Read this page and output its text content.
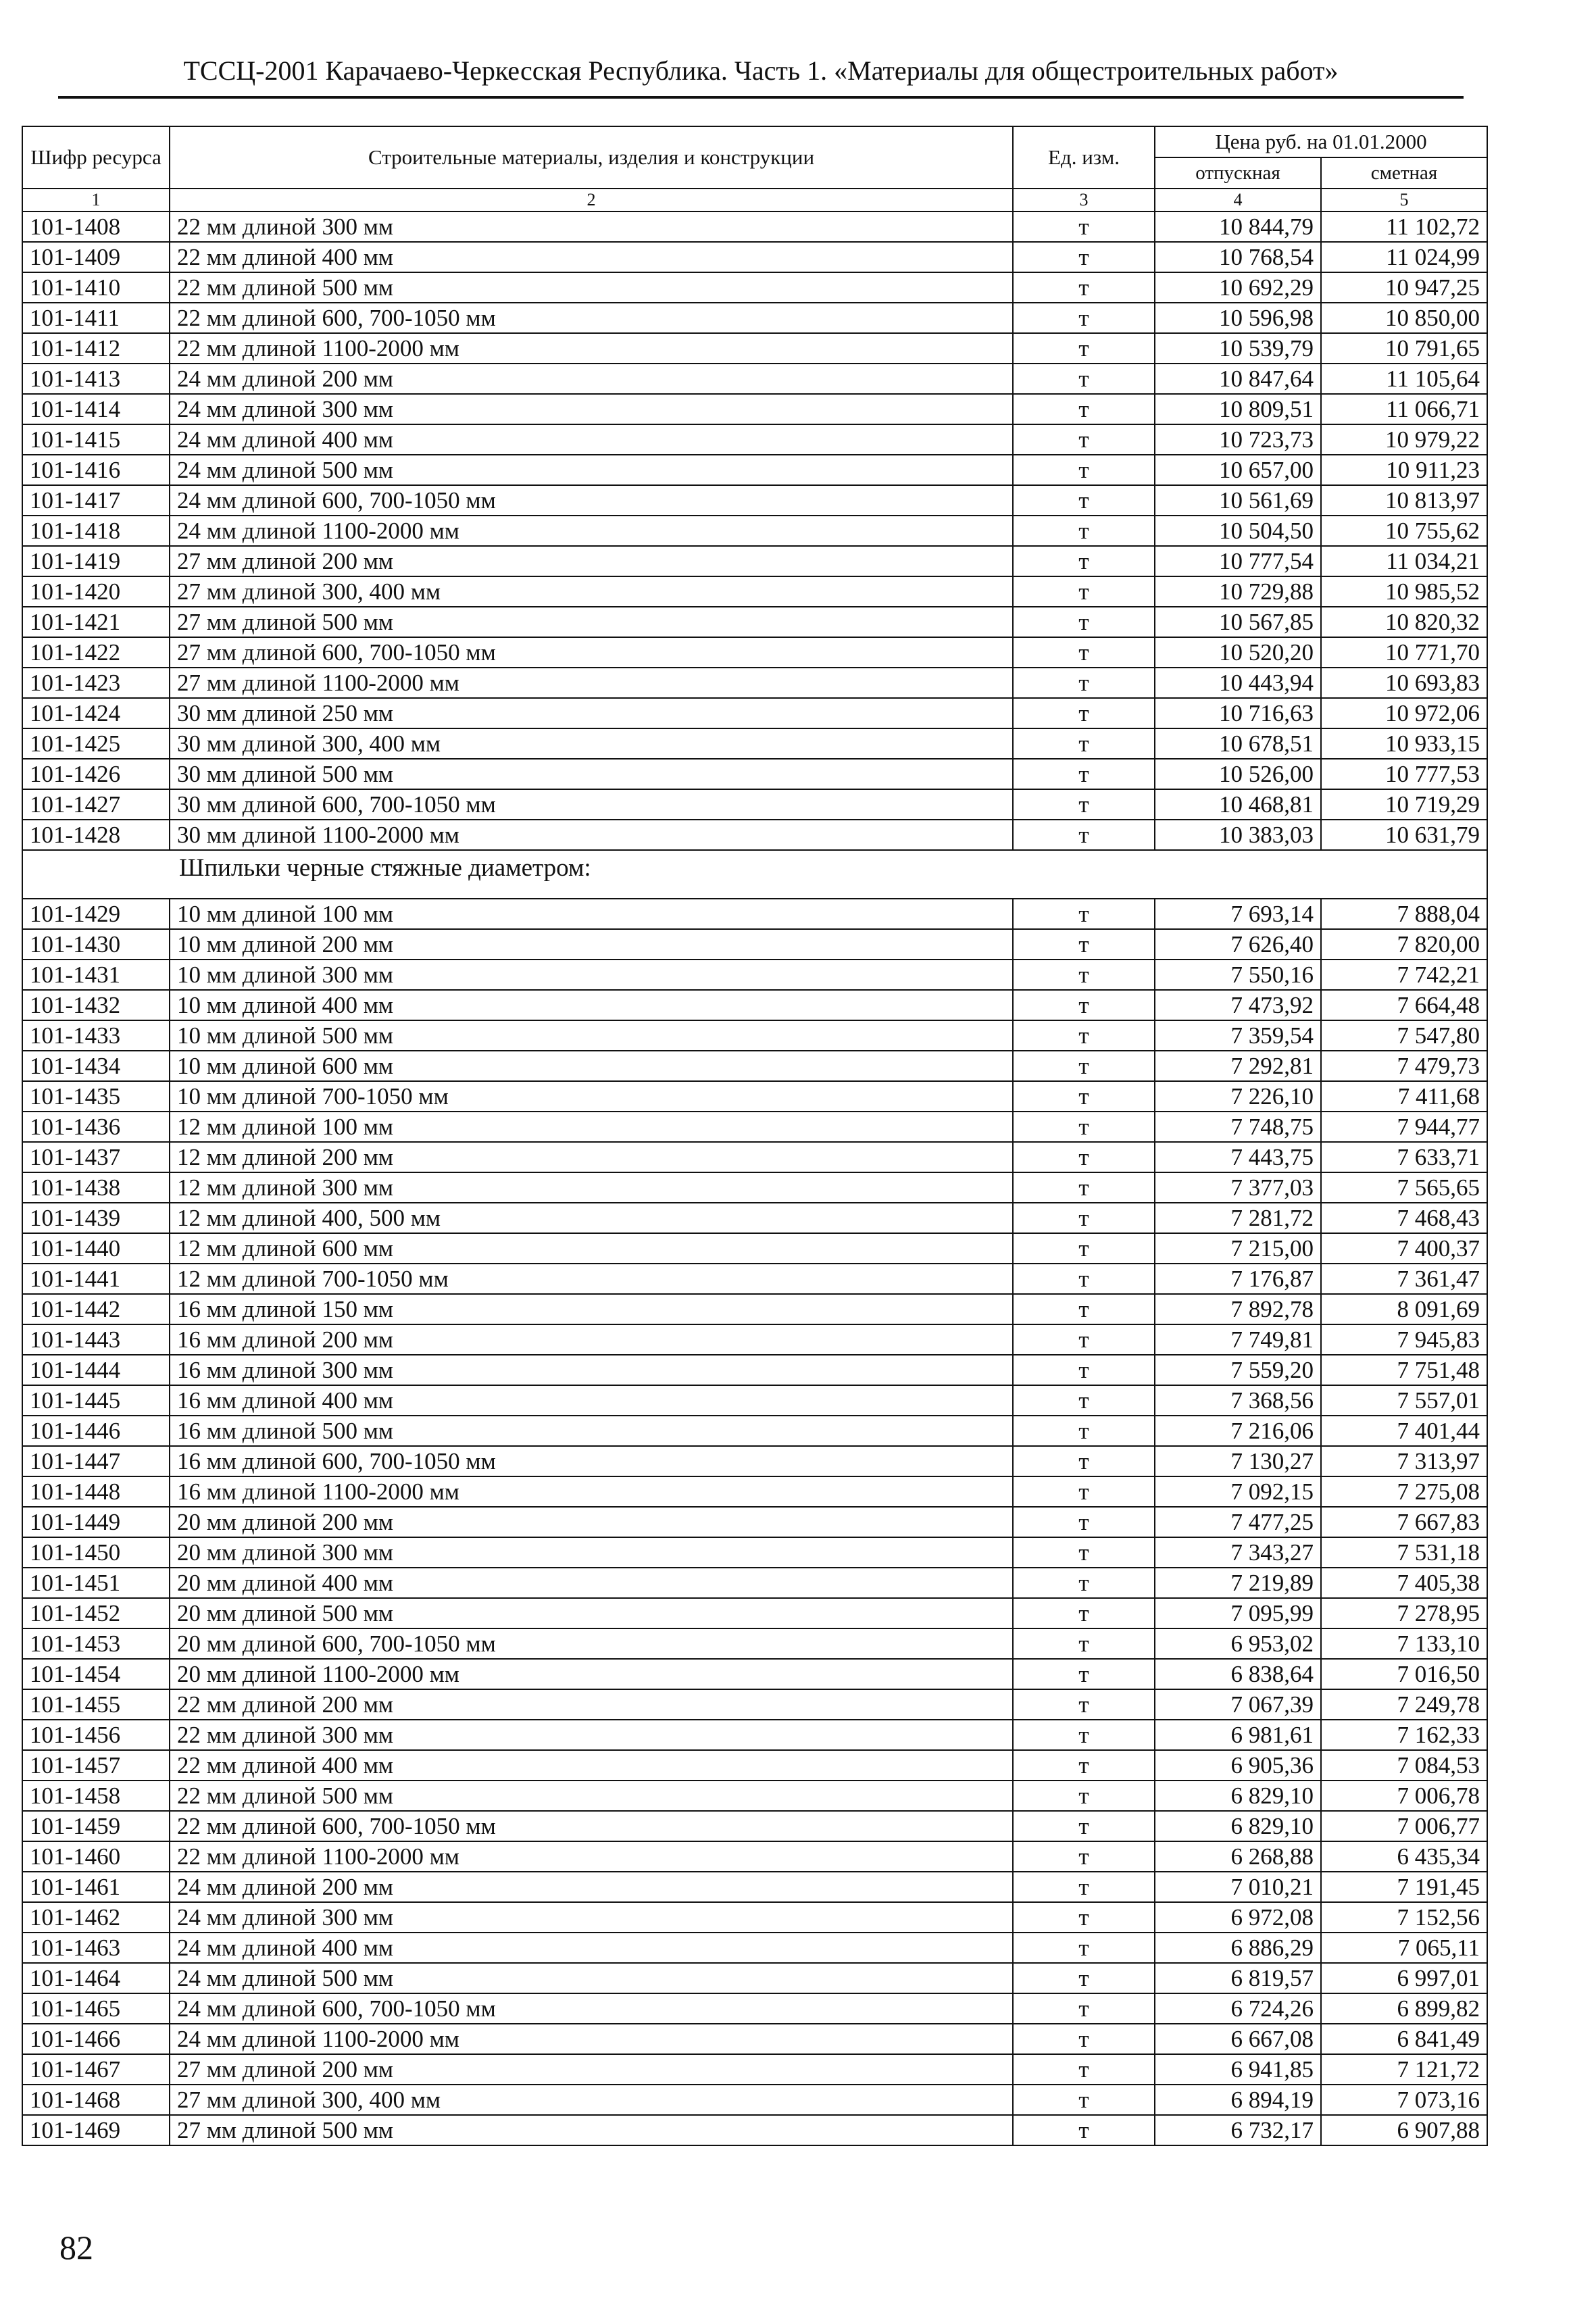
ТССЦ-2001 Карачаево-Черкесская Республика. Часть 1. «Материалы для общестроительных работ»
Шифр ресурса	Строительные материалы, изделия и конструкции	Ед. изм.	Цена руб. на 01.01.2000	
			отпускная	сметная
1	2	3	4	5
101-1408	22 мм длиной 300 мм	т	10 844,79	11 102,72
101-1409	22 мм длиной 400 мм	т	10 768,54	11 024,99
101-1410	22 мм длиной 500 мм	т	10 692,29	10 947,25
101-1411	22 мм длиной 600, 700-1050 мм	т	10 596,98	10 850,00
101-1412	22 мм длиной 1100-2000 мм	т	10 539,79	10 791,65
101-1413	24 мм длиной 200 мм	т	10 847,64	11 105,64
101-1414	24 мм длиной 300 мм	т	10 809,51	11 066,71
101-1415	24 мм длиной 400 мм	т	10 723,73	10 979,22
101-1416	24 мм длиной 500 мм	т	10 657,00	10 911,23
101-1417	24 мм длиной 600, 700-1050 мм	т	10 561,69	10 813,97
101-1418	24 мм длиной 1100-2000 мм	т	10 504,50	10 755,62
101-1419	27 мм длиной 200 мм	т	10 777,54	11 034,21
101-1420	27 мм длиной 300, 400 мм	т	10 729,88	10 985,52
101-1421	27 мм длиной 500 мм	т	10 567,85	10 820,32
101-1422	27 мм длиной 600, 700-1050 мм	т	10 520,20	10 771,70
101-1423	27 мм длиной 1100-2000 мм	т	10 443,94	10 693,83
101-1424	30 мм длиной 250 мм	т	10 716,63	10 972,06
101-1425	30 мм длиной 300, 400 мм	т	10 678,51	10 933,15
101-1426	30 мм длиной 500 мм	т	10 526,00	10 777,53
101-1427	30 мм длиной 600, 700-1050 мм	т	10 468,81	10 719,29
101-1428	30 мм длиной 1100-2000 мм	т	10 383,03	10 631,79
	Шпильки черные стяжные диаметром:			
101-1429	10 мм длиной 100 мм	т	7 693,14	7 888,04
101-1430	10 мм длиной 200 мм	т	7 626,40	7 820,00
101-1431	10 мм длиной 300 мм	т	7 550,16	7 742,21
101-1432	10 мм длиной 400 мм	т	7 473,92	7 664,48
101-1433	10 мм длиной 500 мм	т	7 359,54	7 547,80
101-1434	10 мм длиной 600 мм	т	7 292,81	7 479,73
101-1435	10 мм длиной 700-1050 мм	т	7 226,10	7 411,68
101-1436	12 мм длиной 100 мм	т	7 748,75	7 944,77
101-1437	12 мм длиной 200 мм	т	7 443,75	7 633,71
101-1438	12 мм длиной 300 мм	т	7 377,03	7 565,65
101-1439	12 мм длиной 400, 500 мм	т	7 281,72	7 468,43
101-1440	12 мм длиной 600 мм	т	7 215,00	7 400,37
101-1441	12 мм длиной 700-1050 мм	т	7 176,87	7 361,47
101-1442	16 мм длиной 150 мм	т	7 892,78	8 091,69
101-1443	16 мм длиной 200 мм	т	7 749,81	7 945,83
101-1444	16 мм длиной 300 мм	т	7 559,20	7 751,48
101-1445	16 мм длиной 400 мм	т	7 368,56	7 557,01
101-1446	16 мм длиной 500 мм	т	7 216,06	7 401,44
101-1447	16 мм длиной 600, 700-1050 мм	т	7 130,27	7 313,97
101-1448	16 мм длиной 1100-2000 мм	т	7 092,15	7 275,08
101-1449	20 мм длиной 200 мм	т	7 477,25	7 667,83
101-1450	20 мм длиной 300 мм	т	7 343,27	7 531,18
101-1451	20 мм длиной 400 мм	т	7 219,89	7 405,38
101-1452	20 мм длиной 500 мм	т	7 095,99	7 278,95
101-1453	20 мм длиной 600, 700-1050 мм	т	6 953,02	7 133,10
101-1454	20 мм длиной 1100-2000 мм	т	6 838,64	7 016,50
101-1455	22 мм длиной 200 мм	т	7 067,39	7 249,78
101-1456	22 мм длиной 300 мм	т	6 981,61	7 162,33
101-1457	22 мм длиной 400 мм	т	6 905,36	7 084,53
101-1458	22 мм длиной 500 мм	т	6 829,10	7 006,78
101-1459	22 мм длиной 600, 700-1050 мм	т	6 829,10	7 006,77
101-1460	22 мм длиной 1100-2000 мм	т	6 268,88	6 435,34
101-1461	24 мм длиной 200 мм	т	7 010,21	7 191,45
101-1462	24 мм длиной 300 мм	т	6 972,08	7 152,56
101-1463	24 мм длиной 400 мм	т	6 886,29	7 065,11
101-1464	24 мм длиной 500 мм	т	6 819,57	6 997,01
101-1465	24 мм длиной 600, 700-1050 мм	т	6 724,26	6 899,82
101-1466	24 мм длиной 1100-2000 мм	т	6 667,08	6 841,49
101-1467	27 мм длиной 200 мм	т	6 941,85	7 121,72
101-1468	27 мм длиной 300, 400 мм	т	6 894,19	7 073,16
101-1469	27 мм длиной 500 мм	т	6 732,17	6 907,88
82
